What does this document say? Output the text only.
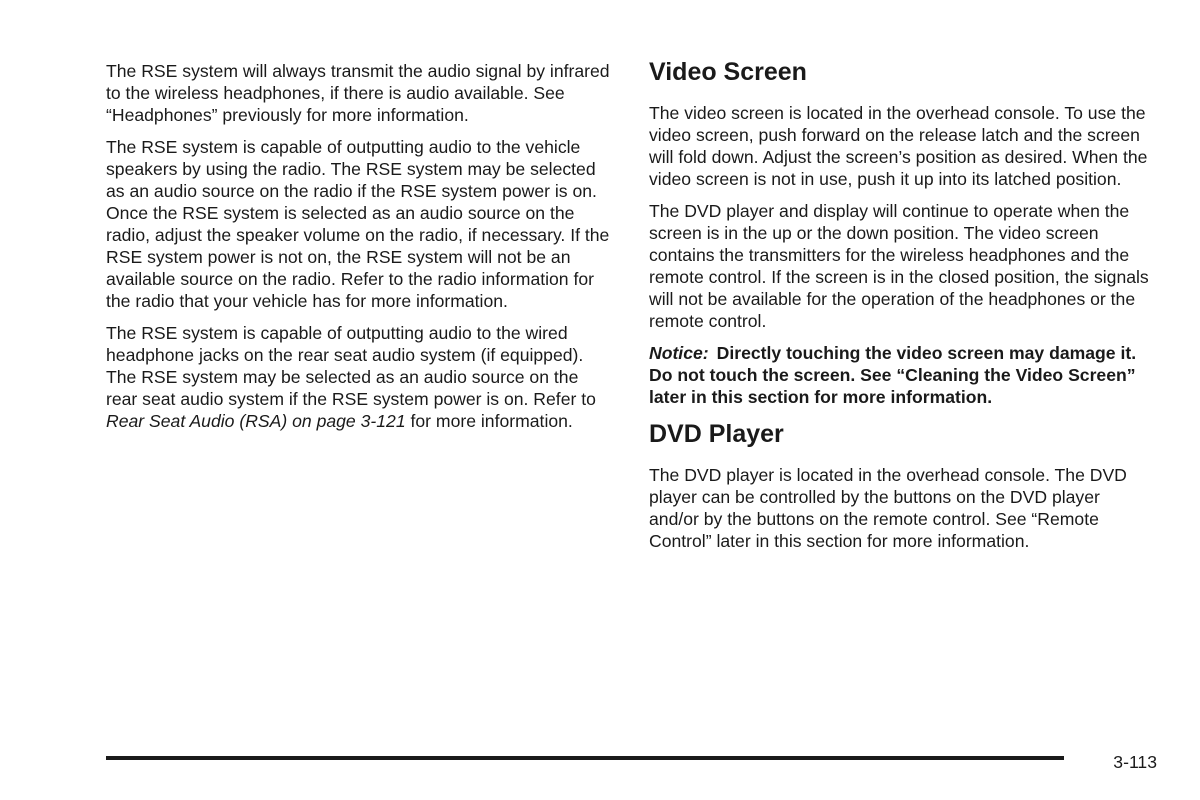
The RSE system will always transmit the audio signal by infrared to the wireless headphones, if there is audio available. See “Headphones” previously for more information.

The RSE system is capable of outputting audio to the vehicle speakers by using the radio. The RSE system may be selected as an audio source on the radio if the RSE system power is on. Once the RSE system is selected as an audio source on the radio, adjust the speaker volume on the radio, if necessary. If the RSE system power is not on, the RSE system will not be an available source on the radio. Refer to the radio information for the radio that your vehicle has for more information.

The RSE system is capable of outputting audio to the wired headphone jacks on the rear seat audio system (if equipped). The RSE system may be selected as an audio source on the rear seat audio system if the RSE system power is on. Refer to Rear Seat Audio (RSA) on page 3-121 for more information.

Video Screen

The video screen is located in the overhead console. To use the video screen, push forward on the release latch and the screen will fold down. Adjust the screen’s position as desired. When the video screen is not in use, push it up into its latched position.

The DVD player and display will continue to operate when the screen is in the up or the down position. The video screen contains the transmitters for the wireless headphones and the remote control. If the screen is in the closed position, the signals will not be available for the operation of the headphones or the remote control.

Notice: Directly touching the video screen may damage it. Do not touch the screen. See “Cleaning the Video Screen” later in this section for more information.

DVD Player

The DVD player is located in the overhead console. The DVD player can be controlled by the buttons on the DVD player and/or by the buttons on the remote control. See “Remote Control” later in this section for more information.

3-113
